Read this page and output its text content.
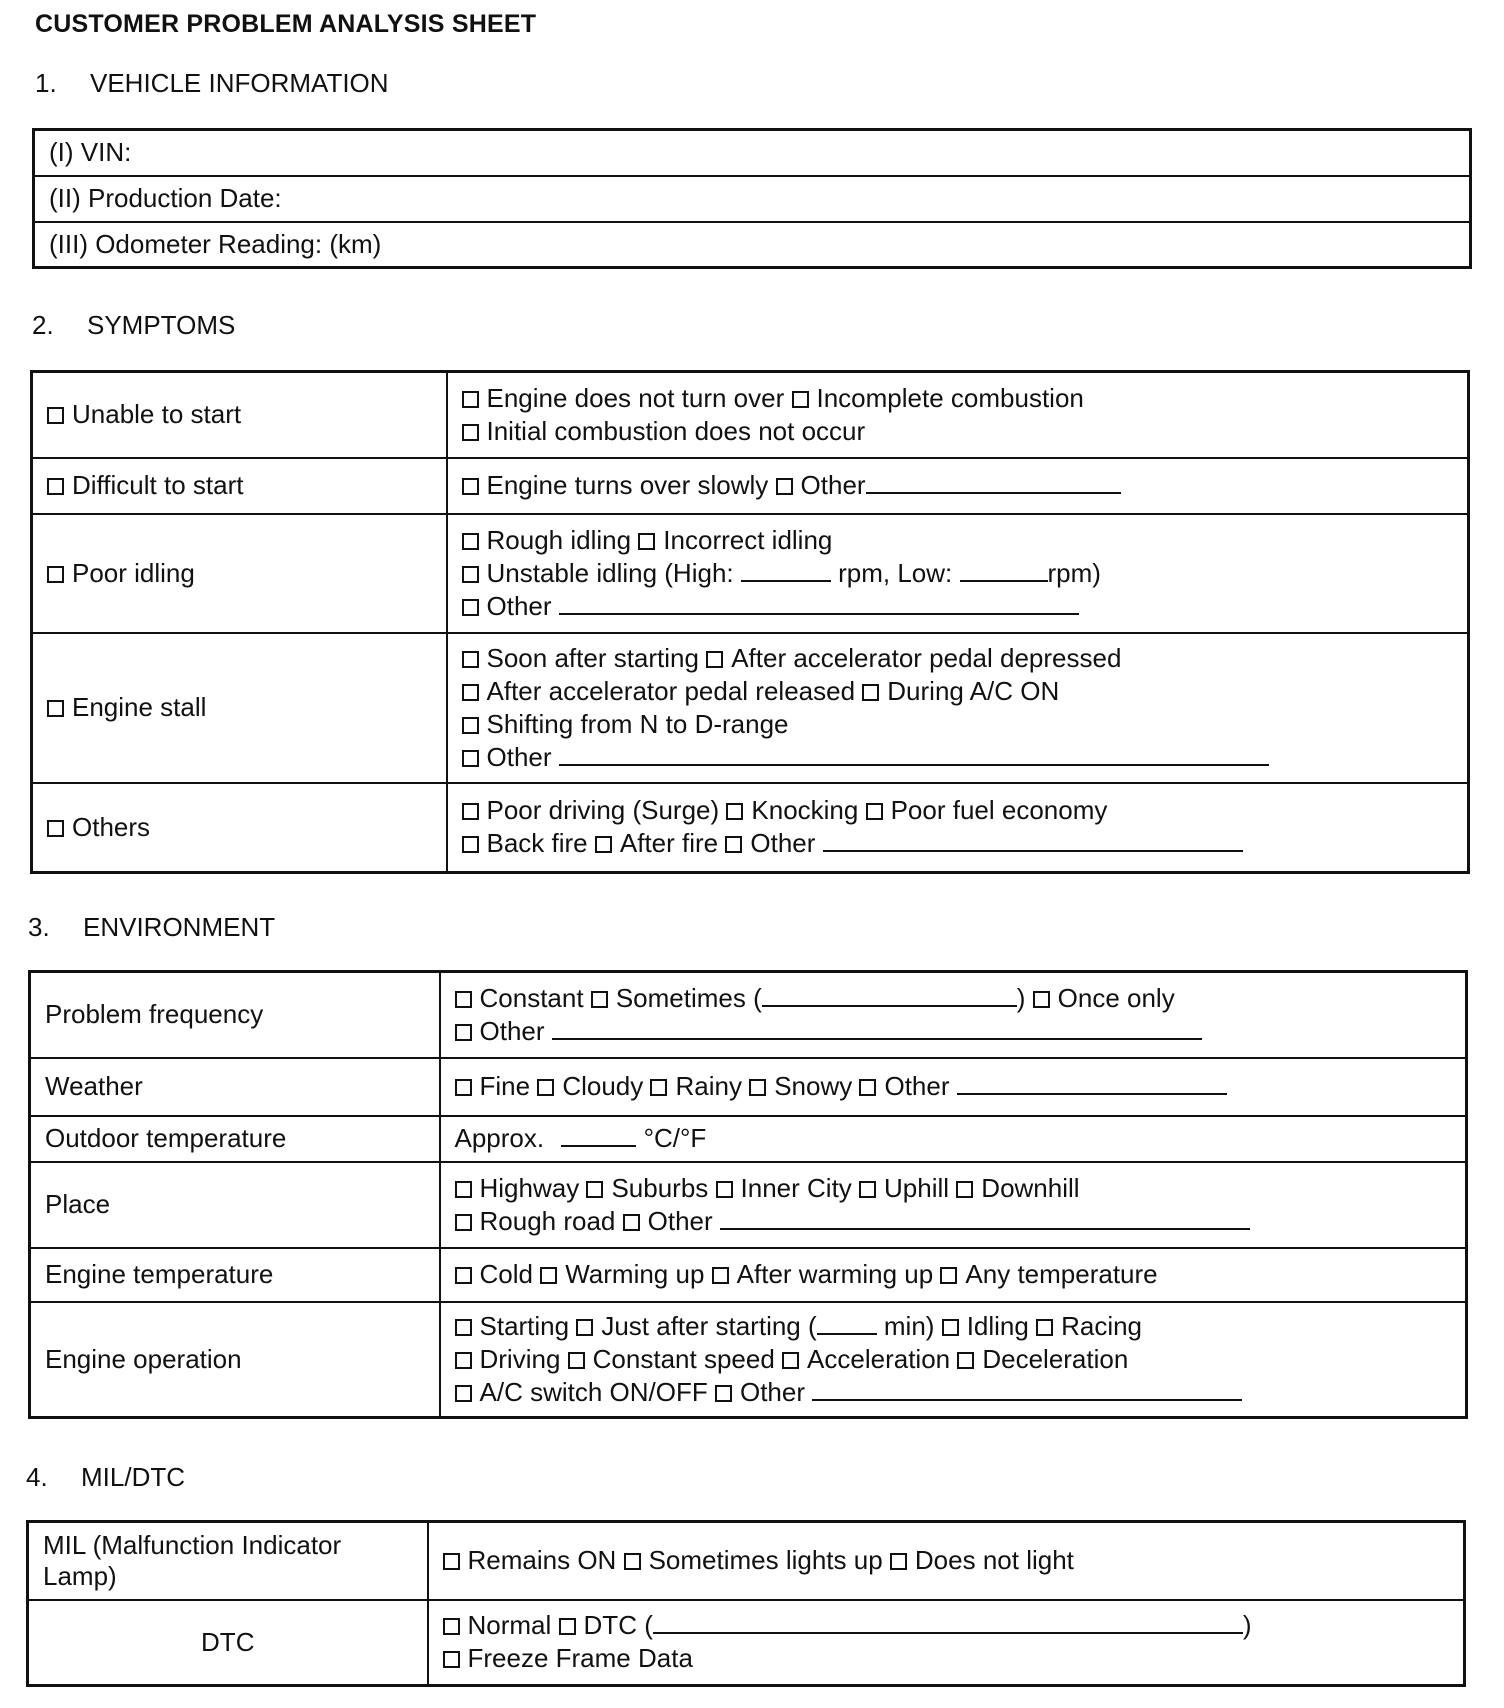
CUSTOMER PROBLEM ANALYSIS SHEET
1. VEHICLE INFORMATION
(I) VIN:
(II) Production Date:
(III) Odometer Reading: (km)
2. SYMPTOMS
Unable to start	Engine does not turn over Incomplete combustion
Initial combustion does not occur

Difficult to start	Engine turns over slowly Other

Poor idling	Rough idling Incorrect idling
Unstable idling (High: rpm, Low: rpm)
Other

Engine stall	Soon after starting After accelerator pedal depressed
After accelerator pedal released During A/C ON
Shifting from N to D-range
Other

Others	Poor driving (Surge) Knocking Poor fuel economy
Back fire After fire Other
3. ENVIRONMENT
Problem frequency	Constant Sometimes ( ) Once only
Other

Weather	Fine Cloudy Rainy Snowy Other

Outdoor temperature	Approx. °C/°F

Place	Highway Suburbs Inner City Uphill Downhill
Rough road Other

Engine temperature	Cold Warming up After warming up Any temperature

Engine operation	Starting Just after starting ( min) Idling Racing
Driving Constant speed Acceleration Deceleration
A/C switch ON/OFF Other
4. MIL/DTC
MIL (Malfunction Indicator Lamp)	Remains ON Sometimes lights up Does not light

DTC	Normal DTC ( )
Freeze Frame Data
